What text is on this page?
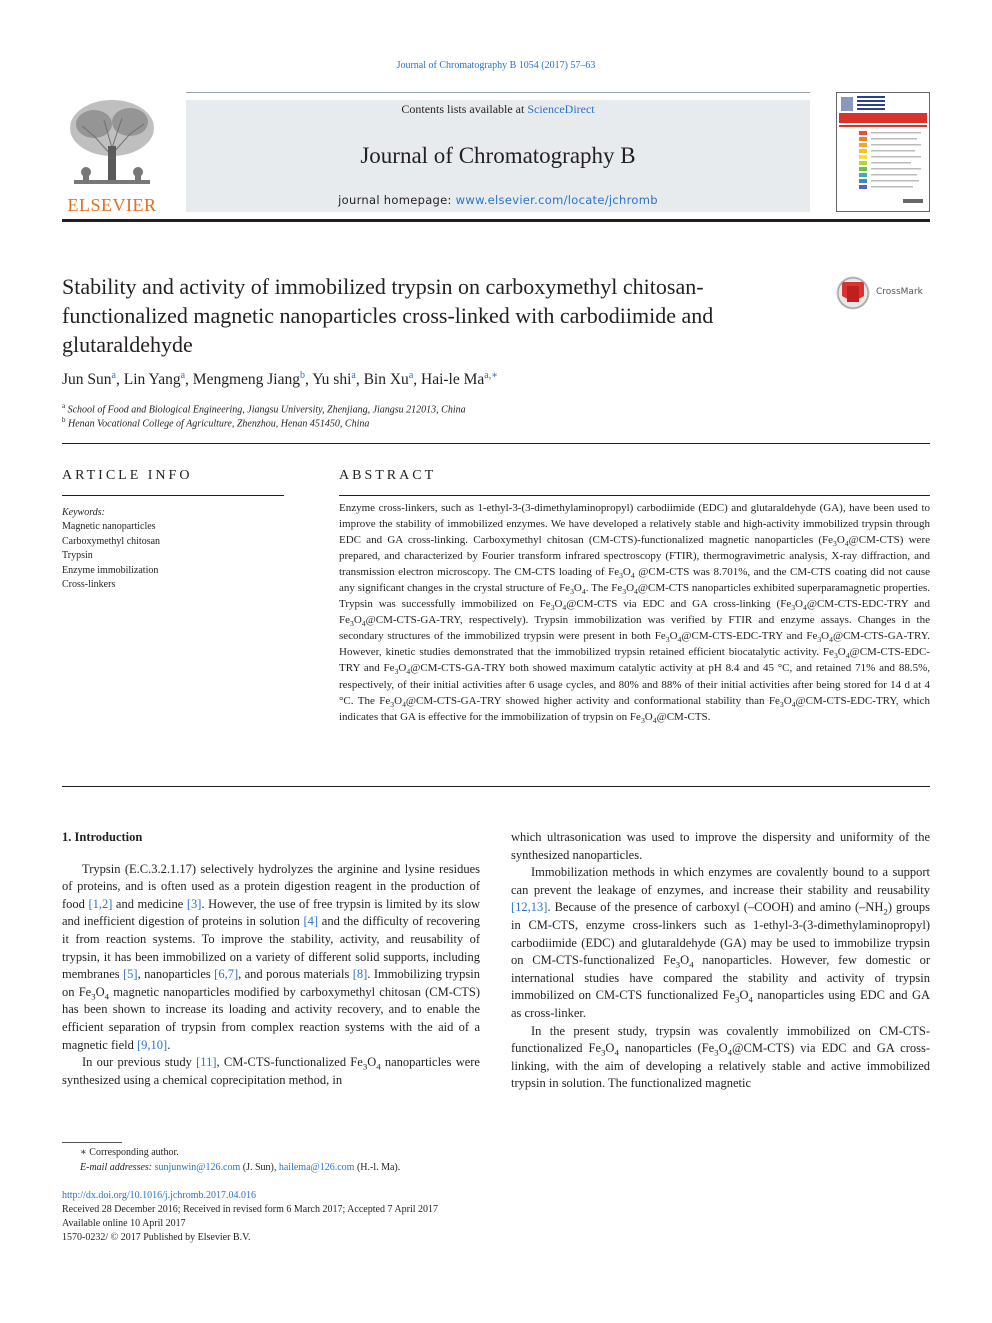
Journal of Chromatography B 1054 (2017) 57–63
ELSEVIER
Contents lists available at ScienceDirect
Journal of Chromatography B
journal homepage: www.elsevier.com/locate/jchromb
Stability and activity of immobilized trypsin on carboxymethyl chitosan-functionalized magnetic nanoparticles cross-linked with carbodiimide and glutaraldehyde
CrossMark
Jun Sun$^a$, Lin Yang$^a$, Mengmeng Jiang$^b$, Yu shi$^a$, Bin Xu$^a$, Hai-le $Ma^{a,∗}$
$^a$ School of Food and Biological Engineering, Jiangsu University, Zhenjiang, Jiangsu 212013, China
$^b$ Henan Vocational College of Agriculture, Zhenzhou, Henan 451450, China
ARTICLE INFO
Keywords:
Magnetic nanoparticles
Carboxymethyl chitosan
Trypsin
Enzyme immobilization
Cross-linkers
ABSTRACT
Enzyme cross-linkers, such as 1-ethyl-3-(3-dimethylaminopropyl) carbodiimide (EDC) and glutaraldehyde (GA), have been used to improve the stability of immobilized enzymes. We have developed a relatively stable and high-activity immobilized trypsin through EDC and GA cross-linking. Carboxymethyl chitosan (CM-CTS)-functionalized magnetic nanoparticles $(Fe_3O_4@CM-CTS)$ were prepared, and characterized by Fourier transform infrared spectroscopy (FTIR), thermogravimetric analysis, X-ray diffraction, and transmission electron microscopy. The CM-CTS loading of $Fe_3O_4$ @CM-CTS was 8.701%, and the CM-CTS coating did not cause any significant changes in the crystal structure of $Fe_3O_4$. The $Fe_3O_4@CM$-CTS nanoparticles exhibited superparamagnetic properties. Trypsin was successfully immobilized on $Fe_3O_4@CM$-CTS via EDC and GA cross-linking ($Fe_3O_4@CM-CTS-EDC$-TRY and $Fe_3O_4@CM-CTS-GA$-TRY, respectively). Trypsin immobilization was verified by FTIR and enzyme assays. Changes in the secondary structures of the immobilized trypsin were present in both $Fe_3O_4@CM-CTS-EDC$-TRY and $Fe_3O_4@CM-CTS-GA$-TRY. However, kinetic studies demonstrated that the immobilized trypsin retained efficient biocatalytic activity. $Fe_3O_4@CM-CTS-EDC$-TRY and $Fe_3O_4@CM-CTS-GA$-TRY both showed maximum catalytic activity at pH 8.4 and 45 °C, and retained 71% and 88.5%, respectively, of their initial activities after 6 usage cycles, and 80% and 88% of their initial activities after being stored for 14 d at 4 °C. The $Fe_3O_4@CM-CTS-GA$-TRY showed higher activity and conformational stability than $Fe_3O_4@CM-CTS-EDC$-TRY, which indicates that GA is effective for the immobilization of trypsin on $Fe_3O_4@CM$-CTS.
1. Introduction

Trypsin (E.C.3.2.1.17) selectively hydrolyzes the arginine and lysine residues of proteins, and is often used as a protein digestion reagent in the production of food [1,2] and medicine [3]. However, the use of free trypsin is limited by its slow and inefficient digestion of proteins in solution [4] and the difficulty of recovering it from reaction systems. To improve the stability, activity, and reusability of trypsin, it has been immobilized on a variety of different solid supports, including membranes [5], nanoparticles [6,7], and porous materials [8]. Immobilizing trypsin on $Fe_3O_4$ magnetic nanoparticles modified by carboxymethyl chitosan (CM-CTS) has been shown to increase its loading and activity recovery, and to enable the efficient separation of trypsin from complex reaction systems with the aid of a magnetic field [9,10].

In our previous study [11], CM-CTS-functionalized $Fe_3O_4$ nanoparticles were synthesized using a chemical coprecipitation method, in

which ultrasonication was used to improve the dispersity and uniformity of the synthesized nanoparticles.

Immobilization methods in which enzymes are covalently bound to a support can prevent the leakage of enzymes, and increase their stability and reusability [12,13]. Because of the presence of carboxyl (–COOH) and amino $(-NH_2)$ groups in CM-CTS, enzyme cross-linkers such as 1-ethyl-3-(3-dimethylaminopropyl) carbodiimide (EDC) and glutaraldehyde (GA) may be used to immobilize trypsin on CM-CTS-functionalized $Fe_3O_4$ nanoparticles. However, few domestic or international studies have compared the stability and activity of trypsin immobilized on CM-CTS functionalized $Fe_3O_4$ nanoparticles using EDC and GA as cross-linker.

In the present study, trypsin was covalently immobilized on CM-CTS-functionalized $Fe_3O_4$ nanoparticles $(Fe_3O_4@CM-CTS)$ via EDC and GA cross-linking, with the aim of developing a relatively stable and active immobilized trypsin in solution. The functionalized magnetic

∗ Corresponding author.
E-mail addresses: sunjunwin@126.com (J. Sun), hailema@126.com (H.-l. Ma).
http://dx.doi.org/10.1016/j.jchromb.2017.04.016
Received 28 December 2016; Received in revised form 6 March 2017; Accepted 7 April 2017
Available online 10 April 2017
1570-0232/ © 2017 Published by Elsevier B.V.
